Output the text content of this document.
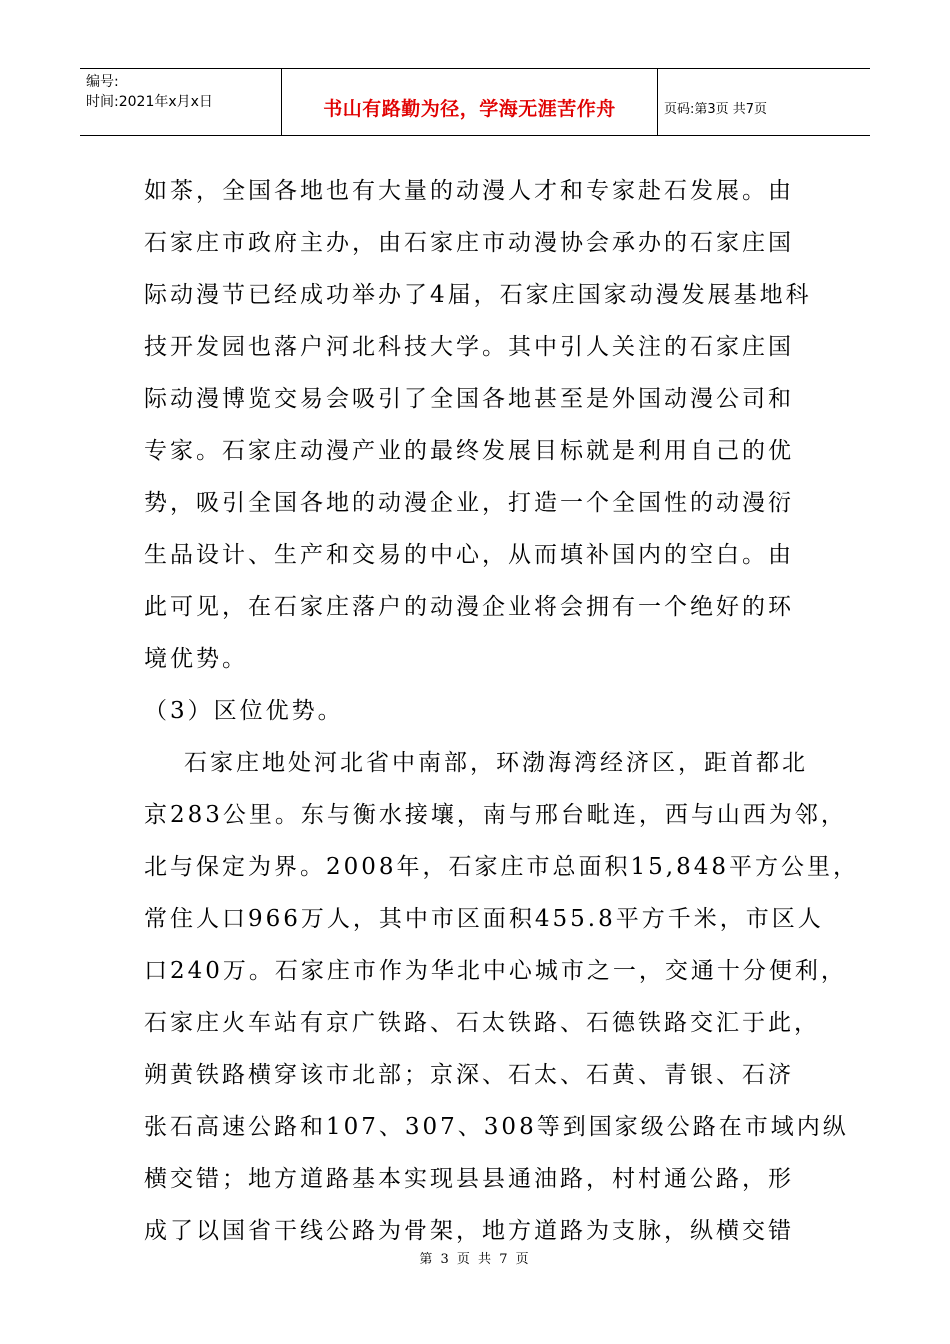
编号:
时间:2021年x月x日	书山有路勤为径，学海无涯苦作舟	页码:第3页 共7页

如茶，全国各地也有大量的动漫人才和专家赴石发展。由
石家庄市政府主办，由石家庄市动漫协会承办的石家庄国
际动漫节已经成功举办了4届，石家庄国家动漫发展基地科
技开发园也落户河北科技大学。其中引人关注的石家庄国
际动漫博览交易会吸引了全国各地甚至是外国动漫公司和
专家。石家庄动漫产业的最终发展目标就是利用自己的优
势，吸引全国各地的动漫企业，打造一个全国性的动漫衍
生品设计、生产和交易的中心，从而填补国内的空白。由
此可见，在石家庄落户的动漫企业将会拥有一个绝好的环
境优势。

（3）区位优势。

石家庄地处河北省中南部，环渤海湾经济区，距首都北
京283公里。东与衡水接壤，南与邢台毗连，西与山西为邻，
北与保定为界。2008年，石家庄市总面积15,848平方公里，
常住人口966万人，其中市区面积455.8平方千米，市区人
口240万。石家庄市作为华北中心城市之一，交通十分便利，
石家庄火车站有京广铁路、石太铁路、石德铁路交汇于此，
朔黄铁路横穿该市北部；京深、石太、石黄、青银、石济
张石高速公路和107、307、308等到国家级公路在市域内纵
横交错；地方道路基本实现县县通油路，村村通公路，形
成了以国省干线公路为骨架，地方道路为支脉，纵横交错

第 3 页 共 7 页
